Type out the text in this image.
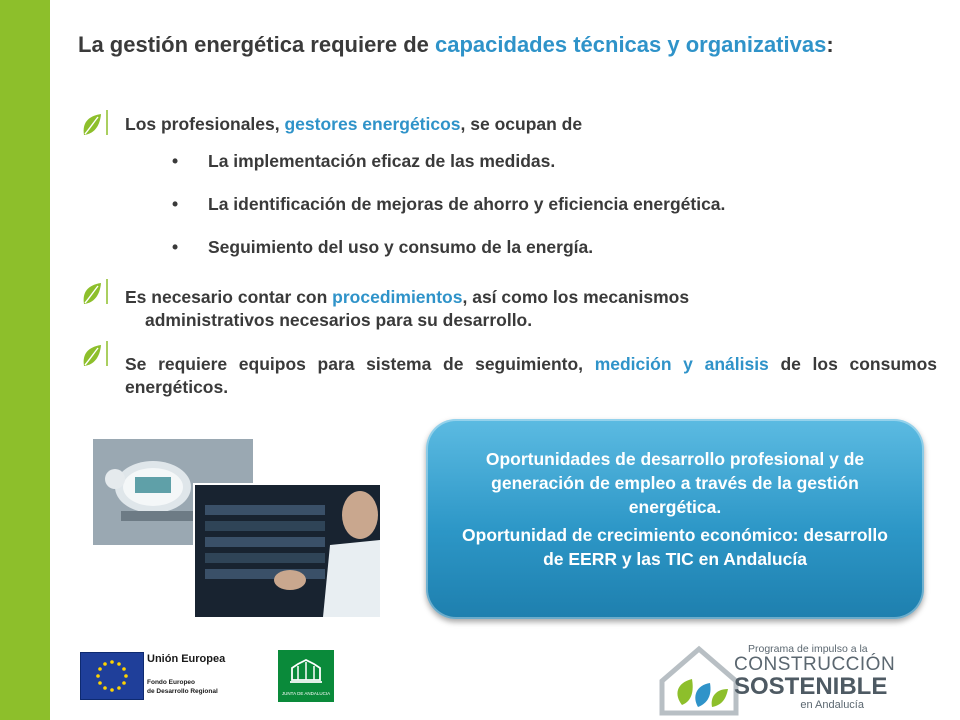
La gestión energética requiere de capacidades técnicas y organizativas:

Los profesionales, gestores energéticos, se ocupan de

• La implementación eficaz de las medidas.
• La identificación de mejoras de ahorro y eficiencia energética.
• Seguimiento del uso y consumo de la energía.

Es necesario contar con procedimientos, así como los mecanismos
administrativos necesarios para su desarrollo.

Se requiere equipos para sistema de seguimiento, medición y análisis de los consumos energéticos.

Oportunidades de desarrollo profesional y de generación de empleo a través de la gestión energética.

Oportunidad de crecimiento económico: desarrollo de EERR y las TIC en Andalucía

Unión Europea
Fondo Europeo
de Desarrollo Regional	JUNTA DE ANDALUCIA
Programa de impulso a la
CONSTRUCCIÓN
SOSTENIBLE
en Andalucía
